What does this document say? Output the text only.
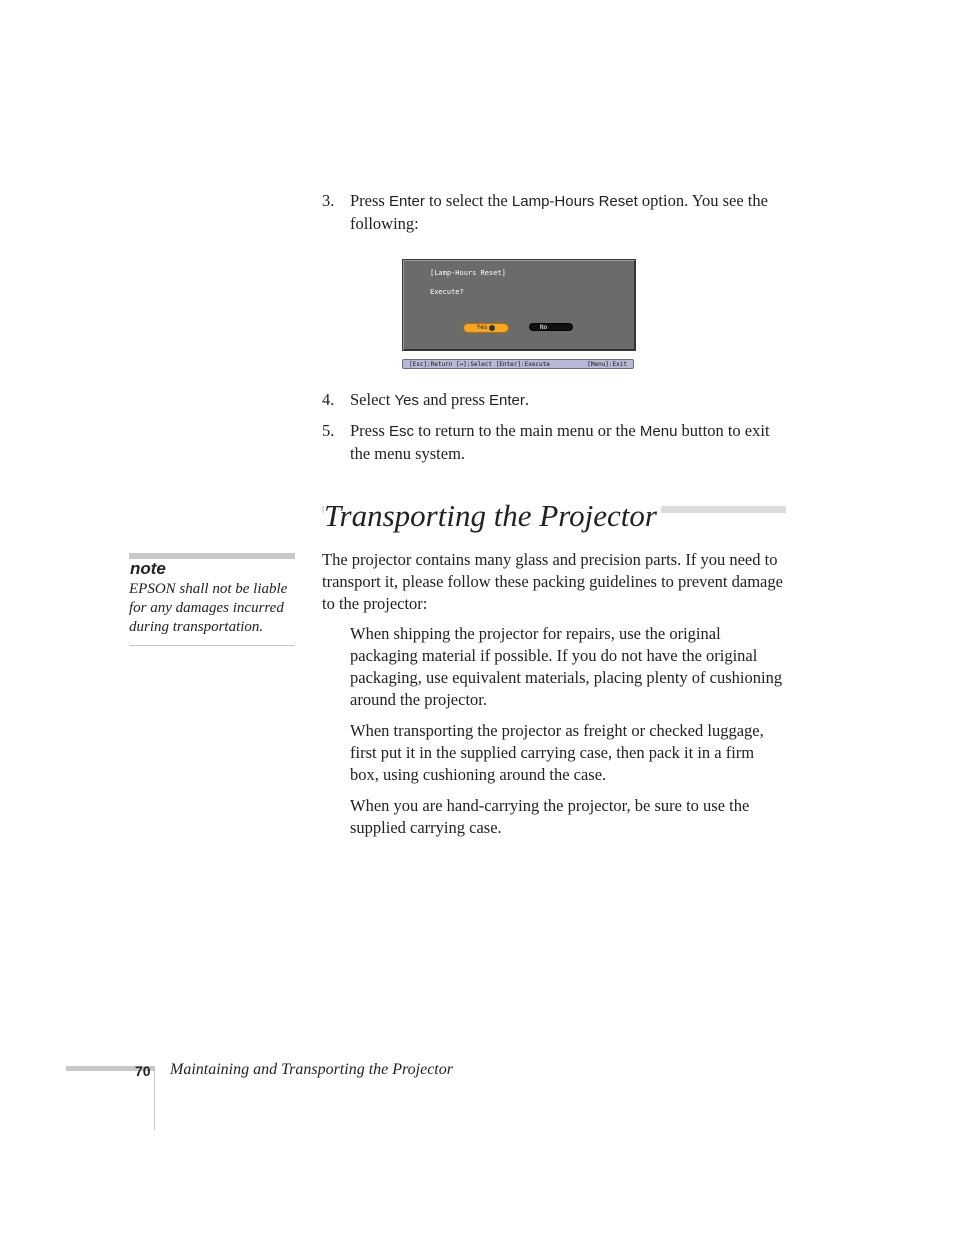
3. Press Enter to select the Lamp-Hours Reset option. You see the following:
[Lamp-Hours Reset]
Execute?
Yes	No
[Esc]:Return [↔]:Select [Enter]:Execute	[Menu]:Exit
4. Select Yes and press Enter.
5. Press Esc to return to the main menu or the Menu button to exit the menu system.
Transporting the Projector

note

EPSON shall not be liable for any damages incurred during transportation.

The projector contains many glass and precision parts. If you need to transport it, please follow these packing guidelines to prevent damage to the projector:

When shipping the projector for repairs, use the original packaging material if possible. If you do not have the original packaging, use equivalent materials, placing plenty of cushioning around the projector.

When transporting the projector as freight or checked luggage, first put it in the supplied carrying case, then pack it in a firm box, using cushioning around the case.

When you are hand-carrying the projector, be sure to use the supplied carrying case.

70 Maintaining and Transporting the Projector
